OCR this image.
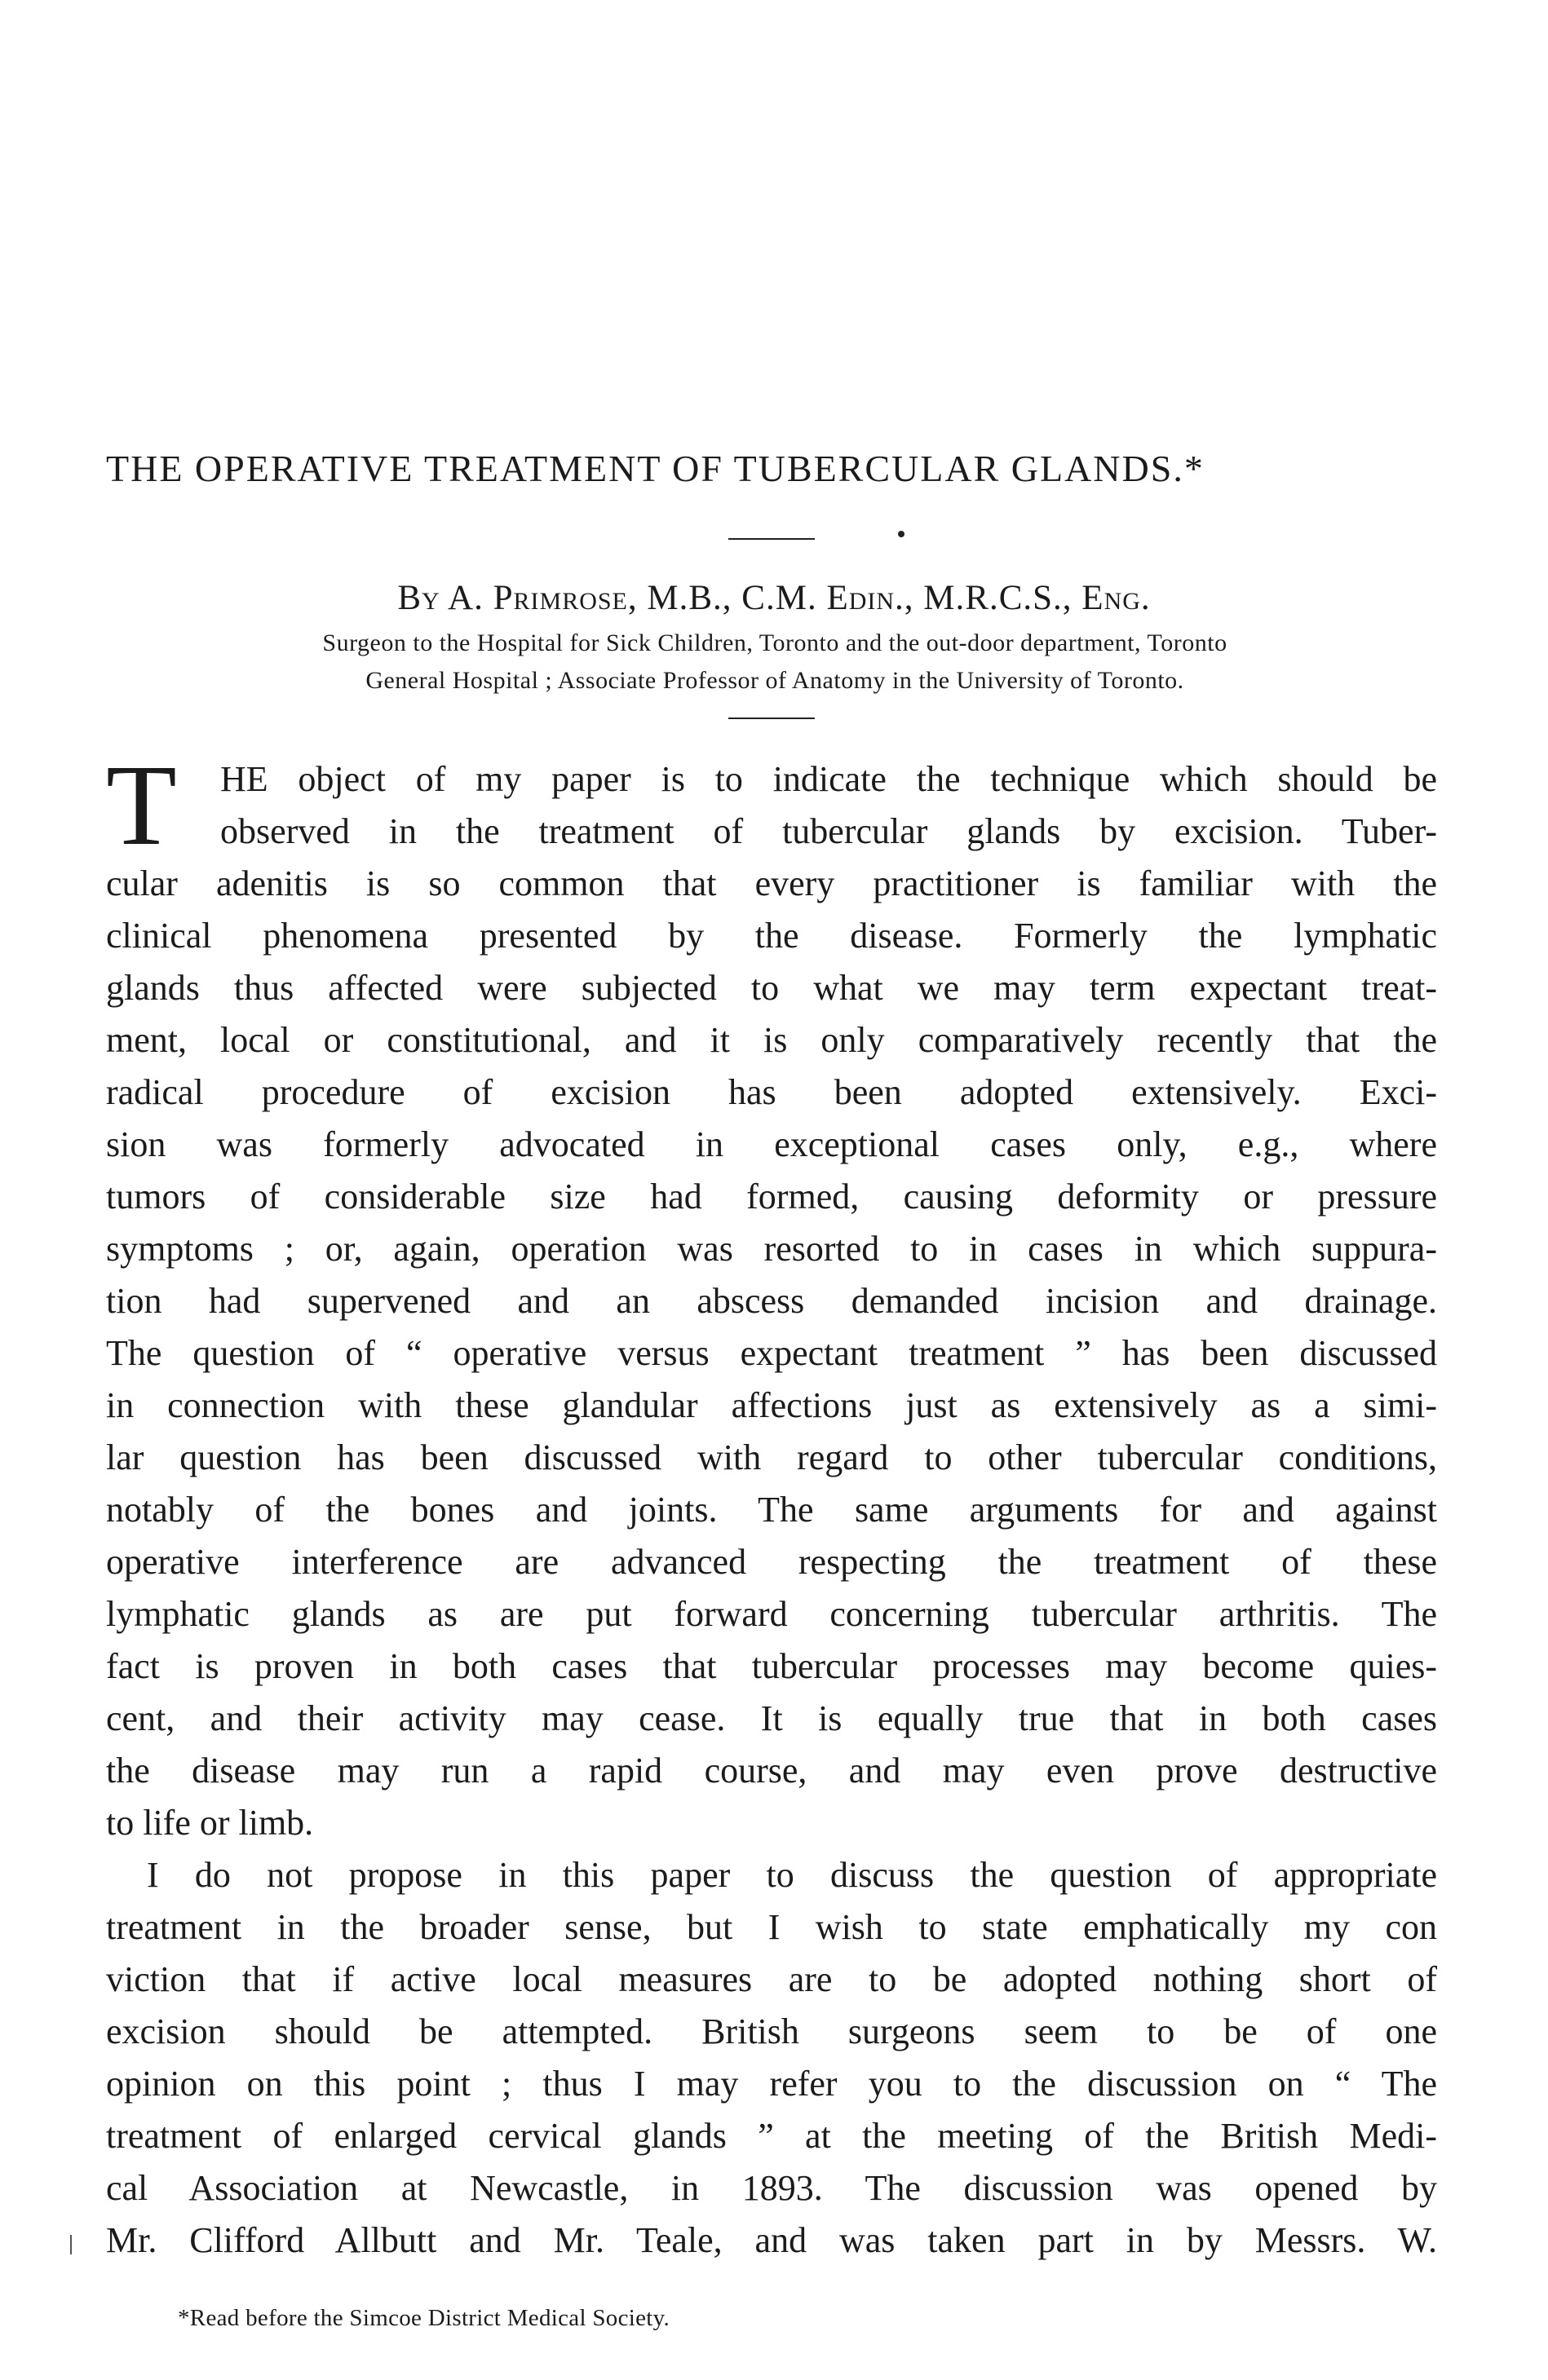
THE OPERATIVE TREATMENT OF TUBERCULAR GLANDS.*
By A. Primrose, M.B., C.M. Edin., M.R.C.S., Eng.
Surgeon to the Hospital for Sick Children, Toronto and the out-door department, Toronto
General Hospital ; Associate Professor of Anatomy in the University of Toronto.
T HE object of my paper is to indicate the technique which should be
observed in the treatment of tubercular glands by excision. Tuber-
cular adenitis is so common that every practitioner is familiar with the
clinical phenomena presented by the disease. Formerly the lymphatic
glands thus affected were subjected to what we may term expectant treat-
ment, local or constitutional, and it is only comparatively recently that the
radical procedure of excision has been adopted extensively. Exci-
sion was formerly advocated in exceptional cases only, e.g., where
tumors of considerable size had formed, causing deformity or pressure
symptoms ; or, again, operation was resorted to in cases in which suppura-
tion had supervened and an abscess demanded incision and drainage.
The question of “ operative versus expectant treatment ” has been discussed
in connection with these glandular affections just as extensively as a simi-
lar question has been discussed with regard to other tubercular conditions,
notably of the bones and joints. The same arguments for and against
operative interference are advanced respecting the treatment of these
lymphatic glands as are put forward concerning tubercular arthritis. The
fact is proven in both cases that tubercular processes may become quies-
cent, and their activity may cease. It is equally true that in both cases
the disease may run a rapid course, and may even prove destructive
to life or limb.
I do not propose in this paper to discuss the question of appropriate
treatment in the broader sense, but I wish to state emphatically my con
viction that if active local measures are to be adopted nothing short of
excision should be attempted. British surgeons seem to be of one
opinion on this point ; thus I may refer you to the discussion on “ The
treatment of enlarged cervical glands ” at the meeting of the British Medi-
cal Association at Newcastle, in 1893. The discussion was opened by
Mr. Clifford Allbutt and Mr. Teale, and was taken part in by Messrs. W.
*Read before the Simcoe District Medical Society.
